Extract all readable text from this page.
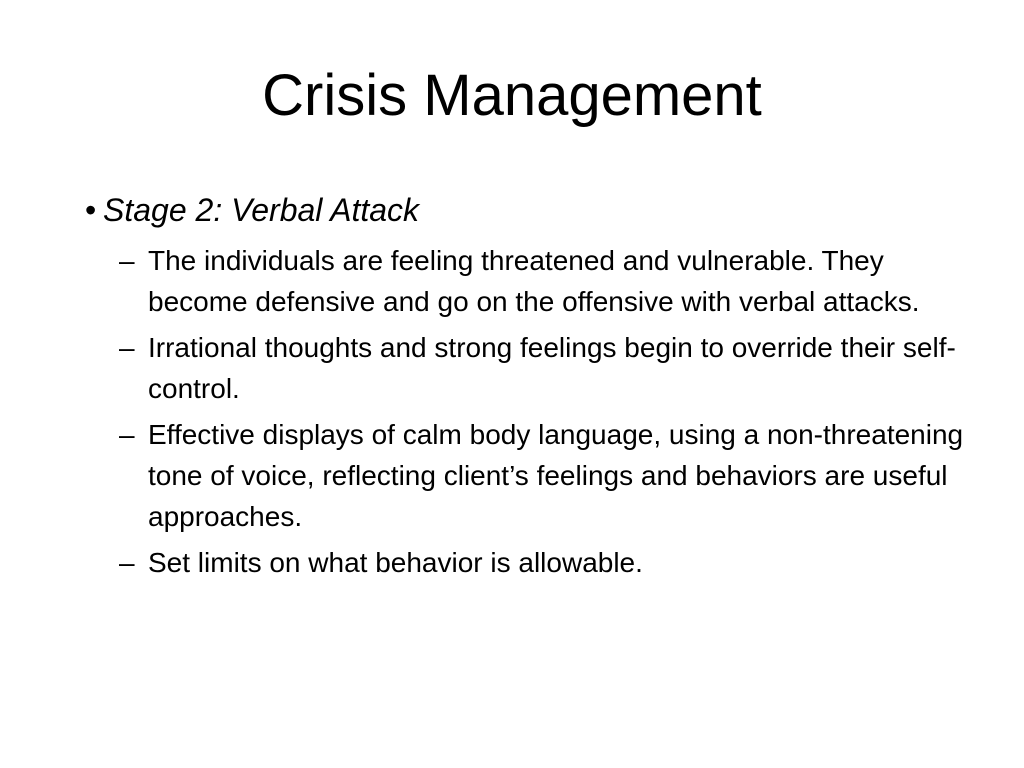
Crisis Management
• Stage 2: Verbal Attack
– The individuals are feeling threatened and vulnerable. They become defensive and go on the offensive with verbal attacks.
– Irrational thoughts and strong feelings begin to override their self-control.
– Effective displays of calm body language, using a non-threatening tone of voice, reflecting client’s feelings and behaviors are useful approaches.
– Set limits on what behavior is allowable.
